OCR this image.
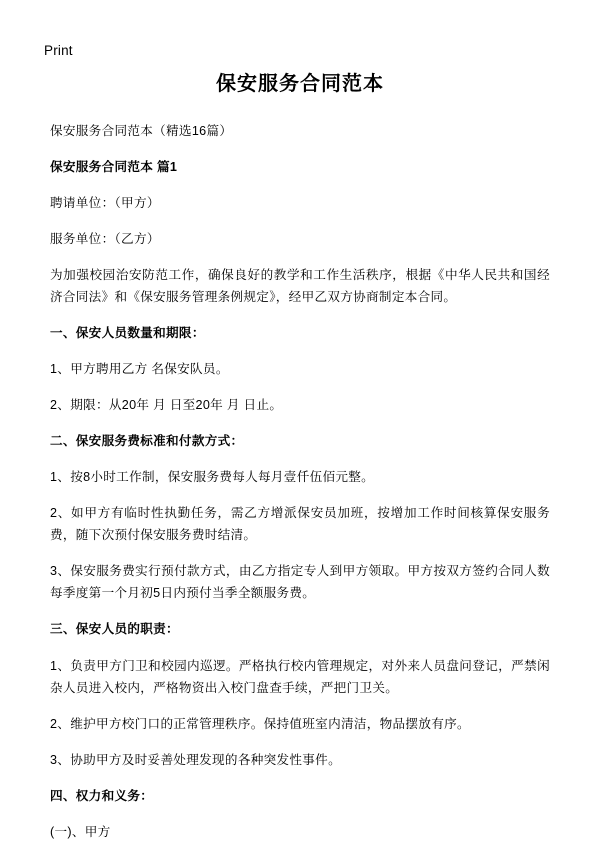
Print
保安服务合同范本

保安服务合同范本（精选16篇）

保安服务合同范本 篇1

聘请单位：（甲方）

服务单位：（乙方）

为加强校园治安防范工作，确保良好的教学和工作生活秩序，根据《中华人民共和国经济合同法》和《保安服务管理条例规定》，经甲乙双方协商制定本合同。

一、保安人员数量和期限：

1、甲方聘用乙方 名保安队员。

2、期限：从20年 月 日至20年 月 日止。

二、保安服务费标准和付款方式：

1、按8小时工作制，保安服务费每人每月壹仟伍佰元整。

2、如甲方有临时性执勤任务，需乙方增派保安员加班，按增加工作时间核算保安服务费，随下次预付保安服务费时结清。

3、保安服务费实行预付款方式，由乙方指定专人到甲方领取。甲方按双方签约合同人数每季度第一个月初5日内预付当季全额服务费。

三、保安人员的职责：

1、负责甲方门卫和校园内巡逻。严格执行校内管理规定，对外来人员盘问登记，严禁闲杂人员进入校内，严格物资出入校门盘查手续，严把门卫关。

2、维护甲方校门口的正常管理秩序。保持值班室内清洁，物品摆放有序。

3、协助甲方及时妥善处理发现的各种突发性事件。

四、权力和义务：

(一)、甲方
